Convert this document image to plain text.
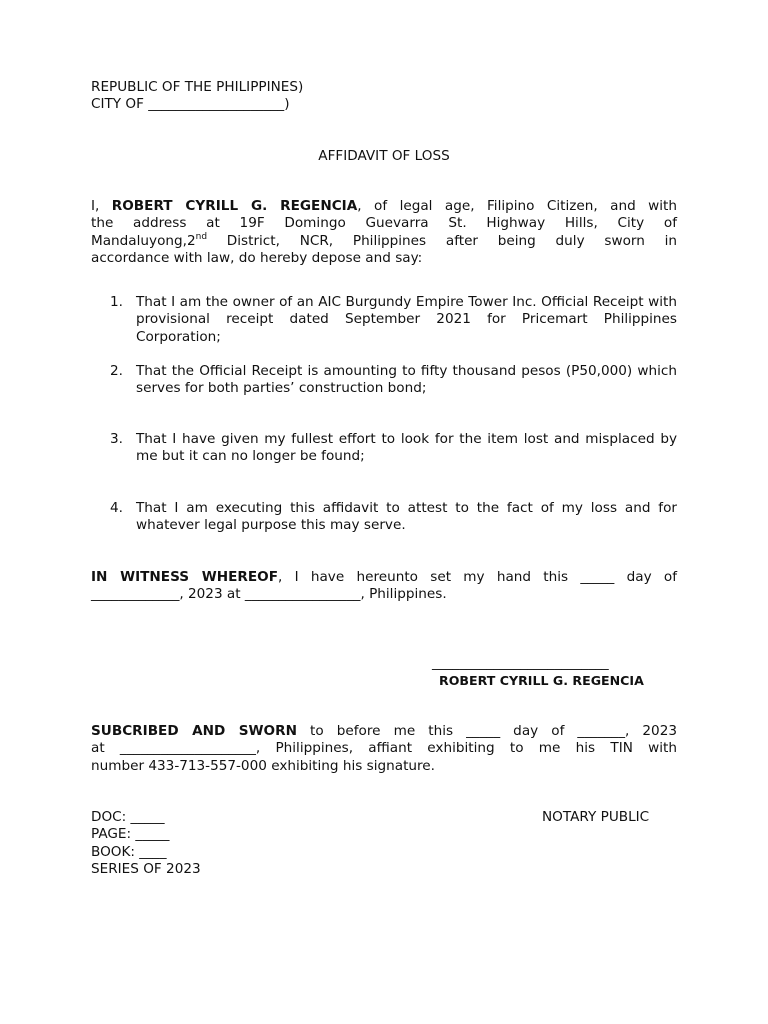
REPUBLIC OF THE PHILIPPINES)

CITY OF ____________________)

AFFIDAVIT OF LOSS

I, ROBERT CYRILL G. REGENCIA, of legal age, Filipino Citizen, and with
the address at 19F Domingo Guevarra St. Highway Hills, City of
Mandaluyong,2nd District, NCR, Philippines after being duly sworn in
accordance with law, do hereby depose and say:
1. That I am the owner of an AIC Burgundy Empire Tower Inc. Official Receipt with provisional receipt dated September 2021 for Pricemart Philippines Corporation;
2. That the Official Receipt is amounting to fifty thousand pesos (P50,000) which serves for both parties’ construction bond;
3. That I have given my fullest effort to look for the item lost and misplaced by me but it can no longer be found;
4. That I am executing this affidavit to attest to the fact of my loss and for whatever legal purpose this may serve.
IN WITNESS WHEREOF, I have hereunto set my hand this _____ day of
_____________, 2023 at _________________, Philippines.

__________________________

ROBERT CYRILL G. REGENCIA

SUBCRIBED AND SWORN to before me this _____ day of _______, 2023
at ____________________, Philippines, affiant exhibiting to me his TIN with
number 433-713-557-000 exhibiting his signature.
DOC: _____
PAGE: _____
BOOK: ____
SERIES OF 2023

NOTARY PUBLIC
